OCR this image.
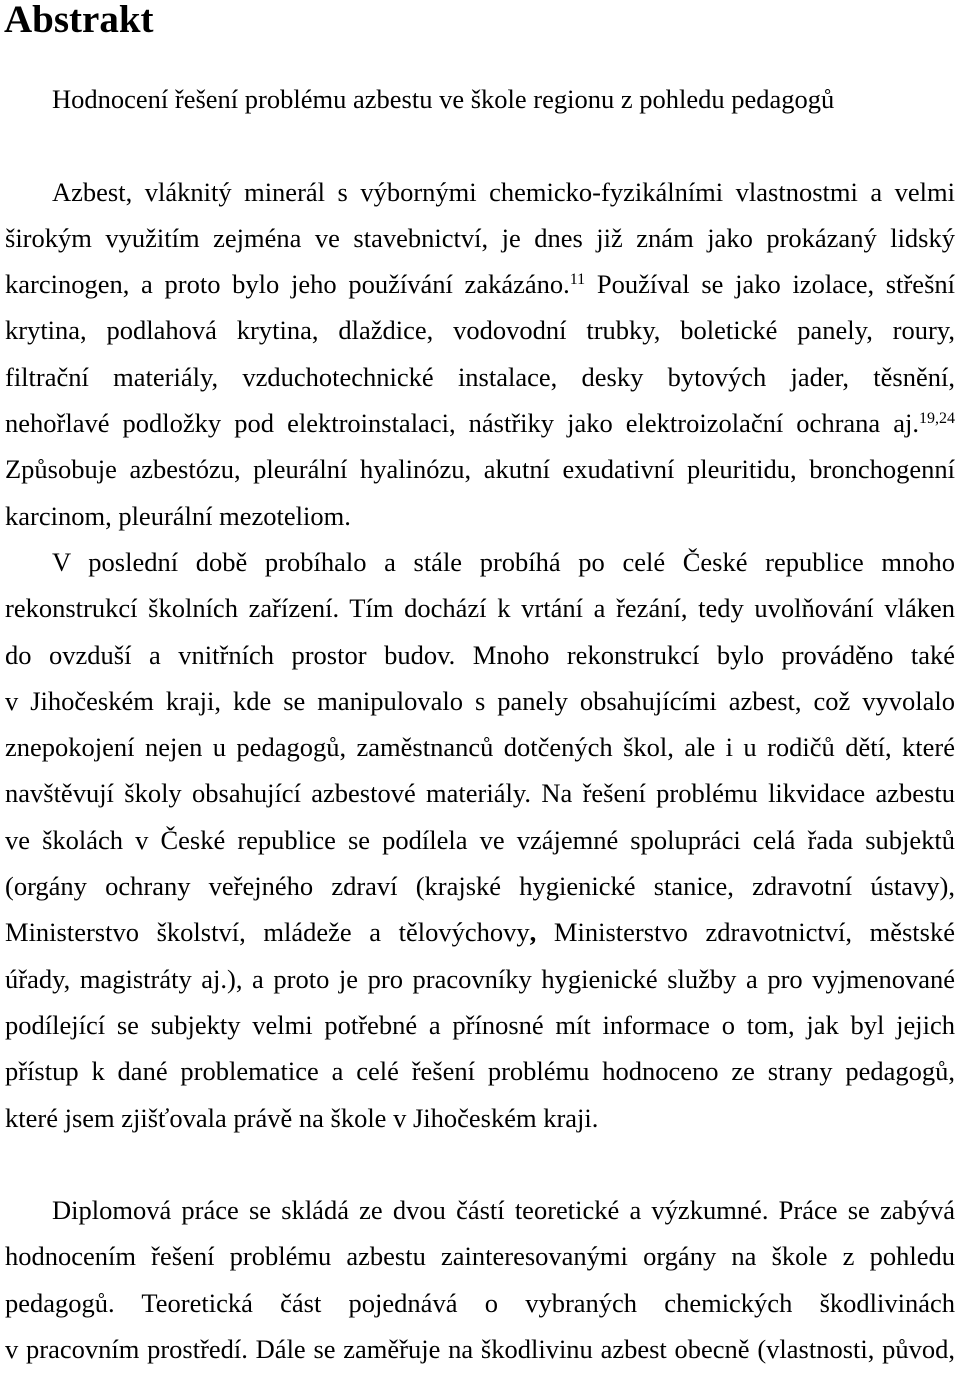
Abstrakt
Hodnocení řešení problému azbestu ve škole regionu z pohledu pedagogů
Azbest, vláknitý minerál s výbornými chemicko-fyzikálními vlastnostmi a velmi
širokým využitím zejména ve stavebnictví, je dnes již znám jako prokázaný lidský
karcinogen, a proto bylo jeho používání zakázáno.$^{11}$ Používal se jako izolace, střešní
krytina, podlahová krytina, dlaždice, vodovodní trubky, boletické panely, roury,
filtrační materiály, vzduchotechnické instalace, desky bytových jader, těsnění,
nehořlavé podložky pod elektroinstalaci, nástřiky jako elektroizolační ochrana aj.$^{19,24}$
Způsobuje azbestózu, pleurální hyalinózu, akutní exudativní pleuritidu, bronchogenní
karcinom, pleurální mezoteliom.
V poslední době probíhalo a stále probíhá po celé České republice mnoho
rekonstrukcí školních zařízení. Tím dochází k vrtání a řezání, tedy uvolňování vláken
do ovzduší a vnitřních prostor budov. Mnoho rekonstrukcí bylo prováděno také
v Jihočeském kraji, kde se manipulovalo s panely obsahujícími azbest, což vyvolalo
znepokojení nejen u pedagogů, zaměstnanců dotčených škol, ale i u rodičů dětí, které
navštěvují školy obsahující azbestové materiály. Na řešení problému likvidace azbestu
ve školách v České republice se podílela ve vzájemné spolupráci celá řada subjektů
(orgány ochrany veřejného zdraví (krajské hygienické stanice, zdravotní ústavy),
Ministerstvo školství, mládeže a tělovýchovy, Ministerstvo zdravotnictví, městské
úřady, magistráty aj.), a proto je pro pracovníky hygienické služby a pro vyjmenované
podílející se subjekty velmi potřebné a přínosné mít informace o tom, jak byl jejich
přístup k dané problematice a celé řešení problému hodnoceno ze strany pedagogů,
které jsem zjišťovala právě na škole v Jihočeském kraji.
Diplomová práce se skládá ze dvou částí teoretické a výzkumné. Práce se zabývá
hodnocením řešení problému azbestu zainteresovanými orgány na škole z pohledu
pedagogů. Teoretická část pojednává o vybraných chemických škodlivinách
v pracovním prostředí. Dále se zaměřuje na škodlivinu azbest obecně (vlastnosti, původ,
